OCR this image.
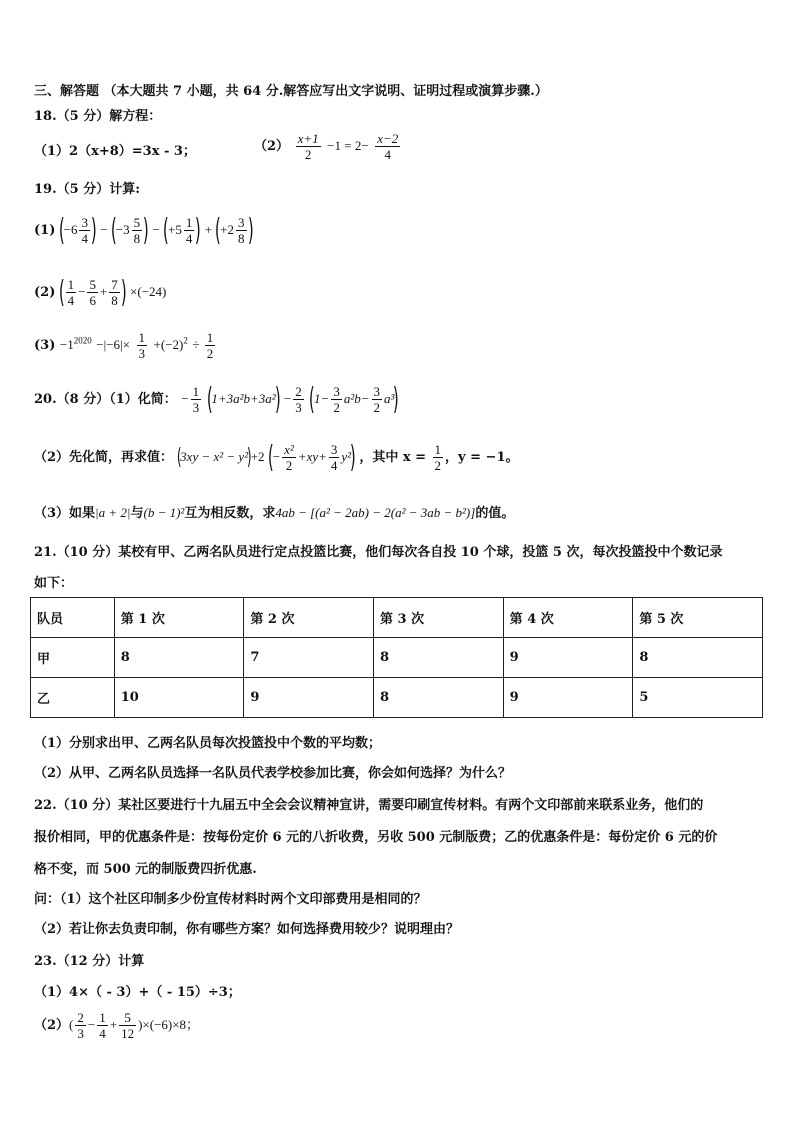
三、解答题 （本大题共 7 小题，共 64 分.解答应写出文字说明、证明过程或演算步骤.）
18.（5 分）解方程：
（1）2（x+8）=3x - 3；	$(2) \frac{x+1}{2} -1 = 2- \frac{x-2}{4}$
19.（5 分）计算:
(1) ($-6 \frac{3}{4}$ ) − ($-3 \frac{5}{8}$ ) − ($+5 \frac{1}{4}$ ) + ($+2 \frac{3}{8}$ )
(2) ( $\frac{1}{4} - \frac{5}{6} + \frac{7}{8}$ ) ×(−24)
$(3) -1^{2020} -|-6|\times \frac{1}{3} +(-2)^2 \div \frac{1}{2}$
20.（8 分）（1）化简： − $\frac{1}{3} (1+3a^2b+3a^2) - \frac{2}{3} (1- \frac{3}{2} a^2b- \frac{3}{2} a^3)$
（2）先化简，再求值： (3xy − x² − y²)+2 (− $\frac{\text{x²}}{2} +xy+ \frac{3}{4} y^2$) ，其中 $x = \frac{1}{2}$ ，y = −1。
（3）如果|a + 2|与(b − 1)²互为相反数，求4ab − [(a² − 2ab) − 2(a² − 3ab − b²)]的值。
21.（10 分）某校有甲、乙两名队员进行定点投篮比赛，他们每次各自投 10 个球，投篮 5 次，每次投篮投中个数记录
如下：
队员	第 1 次	第 2 次	第 3 次	第 4 次	第 5 次
甲	8	7	8	9	8
乙	10	9	8	9	5
（1）分别求出甲、乙两名队员每次投篮投中个数的平均数；
（2）从甲、乙两名队员选择一名队员代表学校参加比赛，你会如何选择？为什么？
22.（10 分）某社区要进行十九届五中全会会议精神宣讲，需要印刷宣传材料。有两个文印部前来联系业务，他们的
报价相同，甲的优惠条件是：按每份定价 6 元的八折收费，另收 500 元制版费；乙的优惠条件是：每份定价 6 元的价
格不变，而 500 元的制版费四折优惠.
问：（1）这个社区印制多少份宣传材料时两个文印部费用是相同的？
（2）若让你去负责印制，你有哪些方案？如何选择费用较少？说明理由？
23.（12 分）计算
（1）4×（ - 3）+（ - 15）÷3；
$(2)( \frac{2}{3} - \frac{1}{4} + \frac{5}{12} )\times(-6)\times 8$；
